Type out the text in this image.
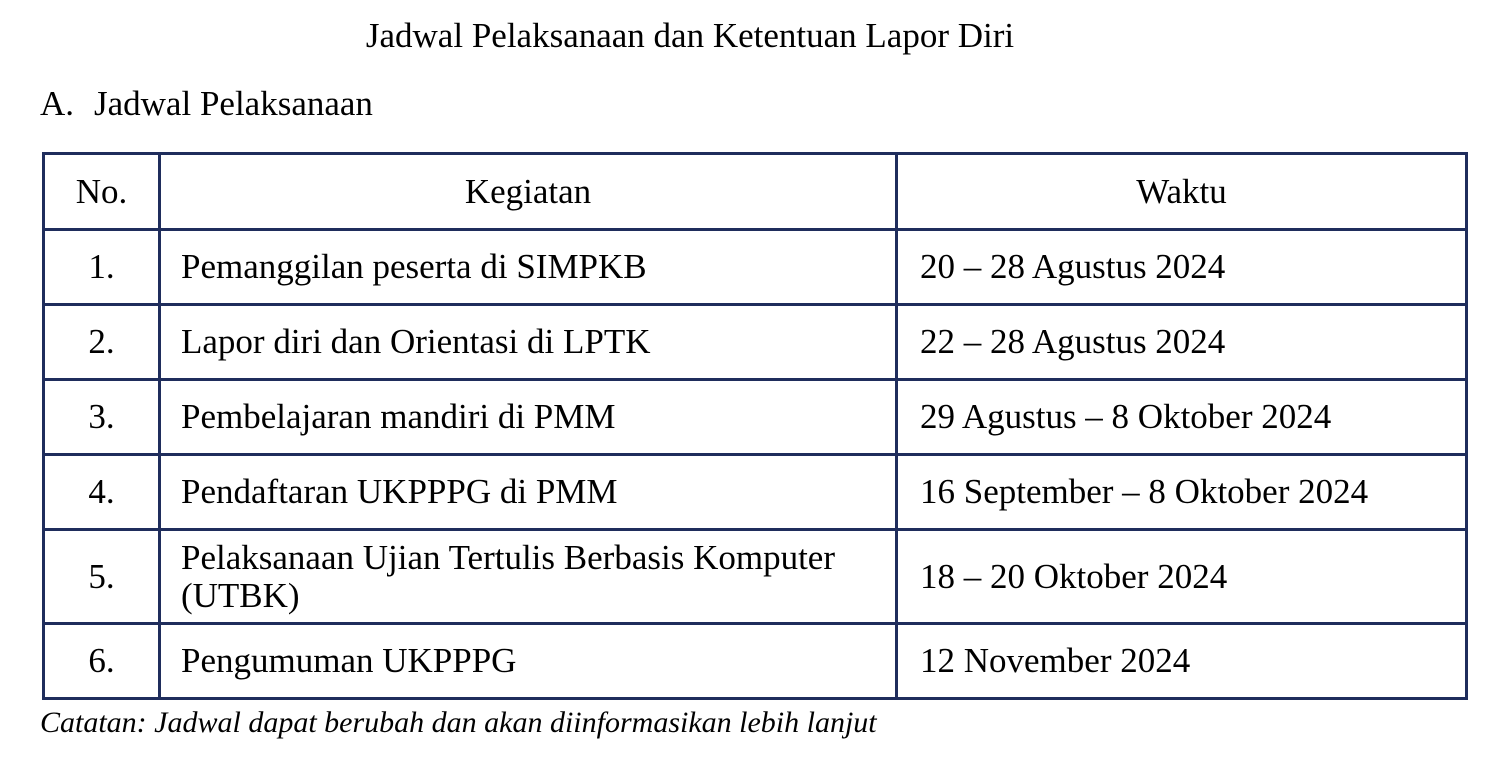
Jadwal Pelaksanaan dan Ketentuan Lapor Diri
A. Jadwal Pelaksanaan
No.	Kegiatan	Waktu
1.	Pemanggilan peserta di SIMPKB	20 – 28 Agustus 2024
2.	Lapor diri dan Orientasi di LPTK	22 – 28 Agustus 2024
3.	Pembelajaran mandiri di PMM	29 Agustus – 8 Oktober 2024
4.	Pendaftaran UKPPPG di PMM	16 September – 8 Oktober 2024
5.	Pelaksanaan Ujian Tertulis Berbasis Komputer (UTBK)	18 – 20 Oktober 2024
6.	Pengumuman UKPPPG	12 November 2024
Catatan: Jadwal dapat berubah dan akan diinformasikan lebih lanjut
